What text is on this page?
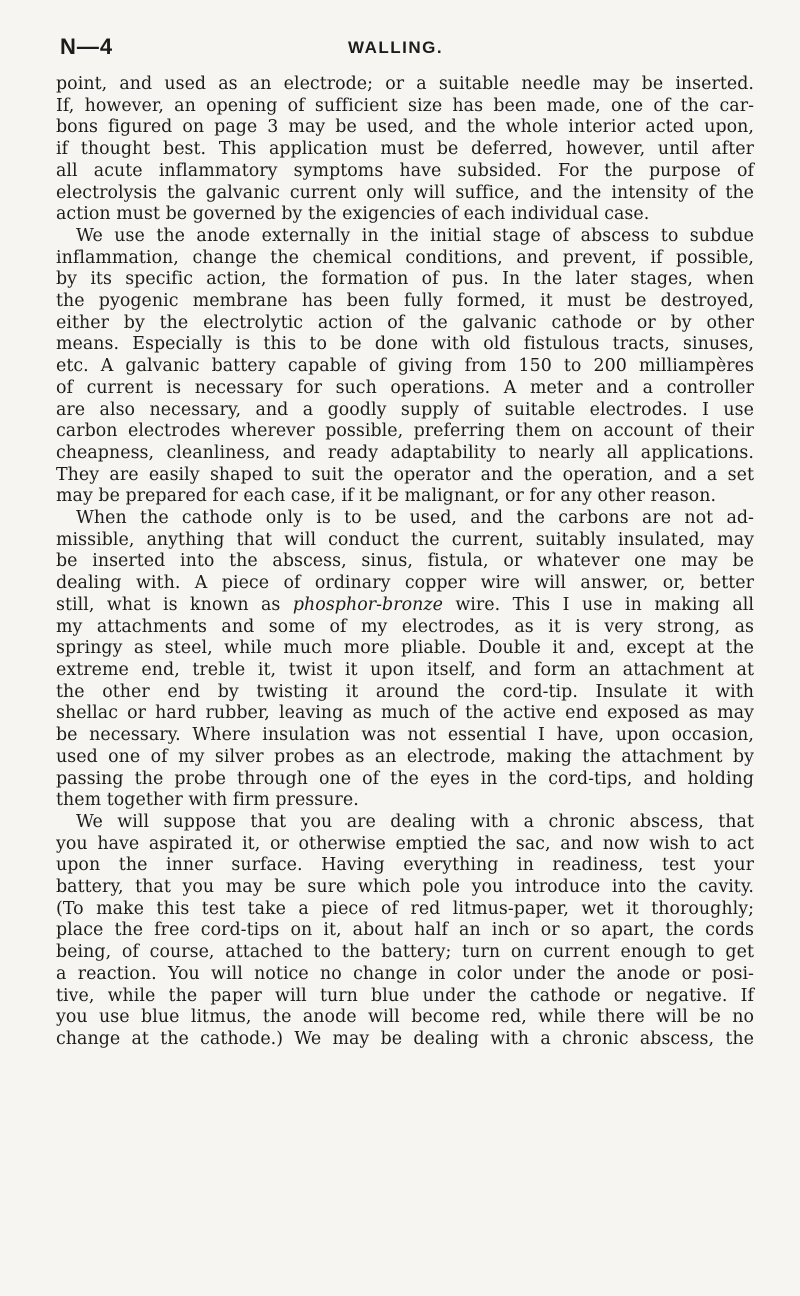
N—4	WALLING.
point, and used as an electrode; or a suitable needle may be inserted.
If, however, an opening of sufficient size has been made, one of the car-
bons figured on page 3 may be used, and the whole interior acted upon,
if thought best. This application must be deferred, however, until after
all acute inflammatory symptoms have subsided. For the purpose of
electrolysis the galvanic current only will suffice, and the intensity of the
action must be governed by the exigencies of each individual case.
We use the anode externally in the initial stage of abscess to subdue
inflammation, change the chemical conditions, and prevent, if possible,
by its specific action, the formation of pus. In the later stages, when
the pyogenic membrane has been fully formed, it must be destroyed,
either by the electrolytic action of the galvanic cathode or by other
means. Especially is this to be done with old fistulous tracts, sinuses,
etc. A galvanic battery capable of giving from 150 to 200 milliampères
of current is necessary for such operations. A meter and a controller
are also necessary, and a goodly supply of suitable electrodes. I use
carbon electrodes wherever possible, preferring them on account of their
cheapness, cleanliness, and ready adaptability to nearly all applications.
They are easily shaped to suit the operator and the operation, and a set
may be prepared for each case, if it be malignant, or for any other reason.
When the cathode only is to be used, and the carbons are not ad-
missible, anything that will conduct the current, suitably insulated, may
be inserted into the abscess, sinus, fistula, or whatever one may be
dealing with. A piece of ordinary copper wire will answer, or, better
still, what is known as phosphor-bronze wire. This I use in making all
my attachments and some of my electrodes, as it is very strong, as
springy as steel, while much more pliable. Double it and, except at the
extreme end, treble it, twist it upon itself, and form an attachment at
the other end by twisting it around the cord-tip. Insulate it with
shellac or hard rubber, leaving as much of the active end exposed as may
be necessary. Where insulation was not essential I have, upon occasion,
used one of my silver probes as an electrode, making the attachment by
passing the probe through one of the eyes in the cord-tips, and holding
them together with firm pressure.
We will suppose that you are dealing with a chronic abscess, that
you have aspirated it, or otherwise emptied the sac, and now wish to act
upon the inner surface. Having everything in readiness, test your
battery, that you may be sure which pole you introduce into the cavity.
(To make this test take a piece of red litmus-paper, wet it thoroughly;
place the free cord-tips on it, about half an inch or so apart, the cords
being, of course, attached to the battery; turn on current enough to get
a reaction. You will notice no change in color under the anode or posi-
tive, while the paper will turn blue under the cathode or negative. If
you use blue litmus, the anode will become red, while there will be no
change at the cathode.) We may be dealing with a chronic abscess, the
